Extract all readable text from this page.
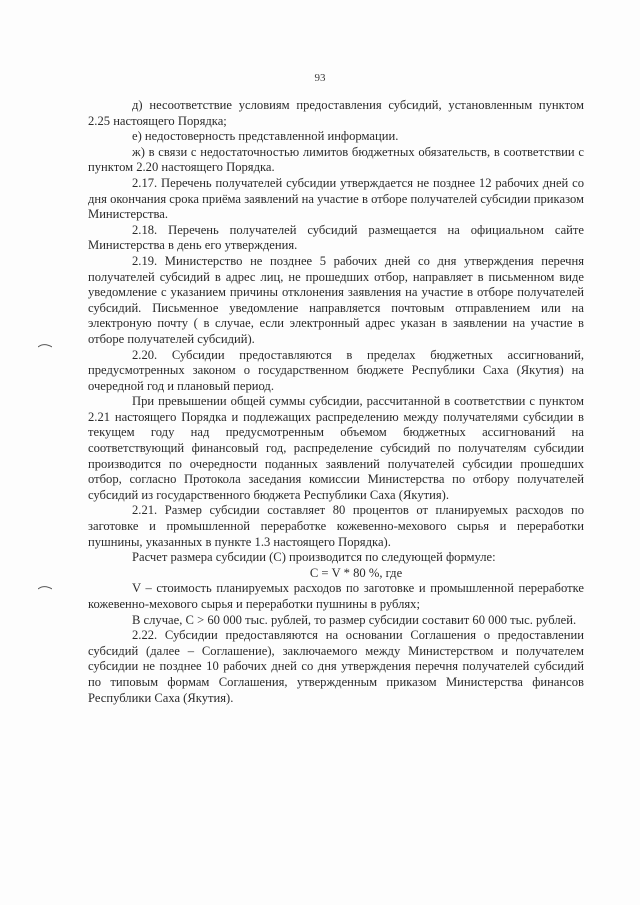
93

д) несоответствие условиям предоставления субсидий, установленным пунктом 2.25 настоящего Порядка;

е) недостоверность представленной информации.

ж) в связи с недостаточностью лимитов бюджетных обязательств, в соответствии с пунктом 2.20 настоящего Порядка.

2.17. Перечень получателей субсидии утверждается не позднее 12 рабочих дней со дня окончания срока приёма заявлений на участие в отборе получателей субсидии приказом Министерства.

2.18. Перечень получателей субсидий размещается на официальном сайте Министерства в день его утверждения.

2.19. Министерство не позднее 5 рабочих дней со дня утверждения перечня получателей субсидий в адрес лиц, не прошедших отбор, направляет в письменном виде уведомление с указанием причины отклонения заявления на участие в отборе получателей субсидий. Письменное уведомление направляется почтовым отправлением или на электроную почту ( в случае, если электронный адрес указан в заявлении на участие в отборе получателей субсидий).

2.20. Субсидии предоставляются в пределах бюджетных ассигнований, предусмотренных законом о государственном бюджете Республики Саха (Якутия) на очередной год и плановый период.

При превышении общей суммы субсидии, рассчитанной в соответствии с пунктом 2.21 настоящего Порядка и подлежащих распределению между получателями субсидии в текущем году над предусмотренным объемом бюджетных ассигнований на соответствующий финансовый год, распределение субсидий по получателям субсидии производится по очередности поданных заявлений получателей субсидии прошедших отбор, согласно Протокола заседания комиссии Министерства по отбору получателей субсидий из государственного бюджета Республики Саха (Якутия).

2.21. Размер субсидии составляет 80 процентов от планируемых расходов по заготовке и промышленной переработке кожевенно-мехового сырья и переработки пушнины, указанных в пункте 1.3 настоящего Порядка).

Расчет размера субсидии (С) производится по следующей формуле:

С = V * 80 %, где

V – стоимость планируемых расходов по заготовке и промышленной переработке кожевенно-мехового сырья и переработки пушнины в рублях;

В случае, С > 60 000 тыс. рублей, то размер субсидии составит 60 000 тыс. рублей.

2.22. Субсидии предоставляются на основании Соглашения о предоставлении субсидий (далее – Соглашение), заключаемого между Министерством и получателем субсидии не позднее 10 рабочих дней со дня утверждения перечня получателей субсидий по типовым формам Соглашения, утвержденным приказом Министерства финансов Республики Саха (Якутия).
